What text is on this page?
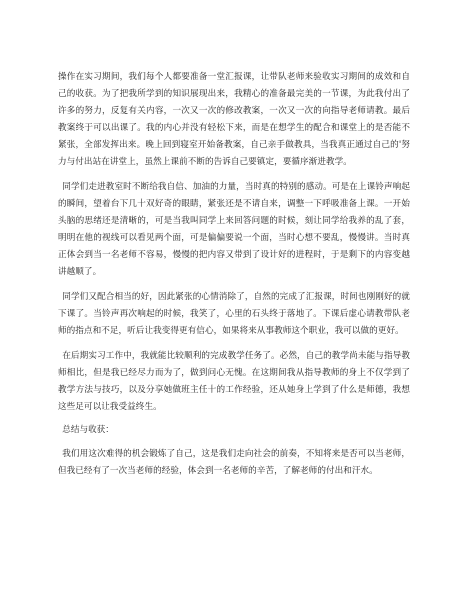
操作在实习期间，我们每个人都要准备一堂汇报课，让带队老师来验收实习期间的成效和自己的收获。为了把我所学到的知识展现出来，我精心的准备最完美的一节课，为此我付出了许多的努力，反复有关内容，一次又一次的修改教案，一次又一次的向指导老师请教。最后教案终于可以出课了。我的内心并没有轻松下来，而是在想学生的配合和课堂上的是否能不紧张，全部发挥出来。晚上回到寝室开始备教案，自己亲手做教具，当我真正通过自己的'努力与付出站在讲堂上，虽然上课前不断的告诉自己要镇定，要循序渐进教学。

同学们走进教室时不断给我自信、加油的力量，当时真的特别的感动。可是在上课铃声响起的瞬间，望着台下几十双好奇的眼睛，紧张还是不请自来，调整一下呼吸准备上课。一开始头脑的思绪还是清晰的，可是当我叫同学上来回答问题的时候，刻让同学给我养的乱了套，明明在他的视线可以看见两个面，可是偏偏要说一个面，当时心想不要乱，慢慢讲。当时真正体会到当一名老师不容易，慢慢的把内容又带到了设计好的进程时，于是剩下的内容变越讲越顺了。

同学们又配合相当的好，因此紧张的心情消除了，自然的完成了汇报课，时间也刚刚好的就下课了。当铃声再次响起的时候，我笑了，心里的石头终于落地了。下课后虚心请教带队老师的指点和不足，听后让我变得更有信心，如果将来从事教师这个职业，我可以做的更好。

在后期实习工作中，我就能比较顺利的完成教学任务了。必然，自己的教学尚未能与指导教师相比，但是我已经尽力而为了，做到问心无愧。在这期间我从指导教师的身上不仅学到了教学方法与技巧，以及分享她做班主任十的工作经验，还从她身上学到了什么是师德，我想这些足可以让我受益终生。

总结与收获：

我们用这次难得的机会锻炼了自己，这是我们走向社会的前奏，不知将来是否可以当老师，但我已经有了一次当老师的经验，体会到一名老师的辛苦，了解老师的付出和汗水。
